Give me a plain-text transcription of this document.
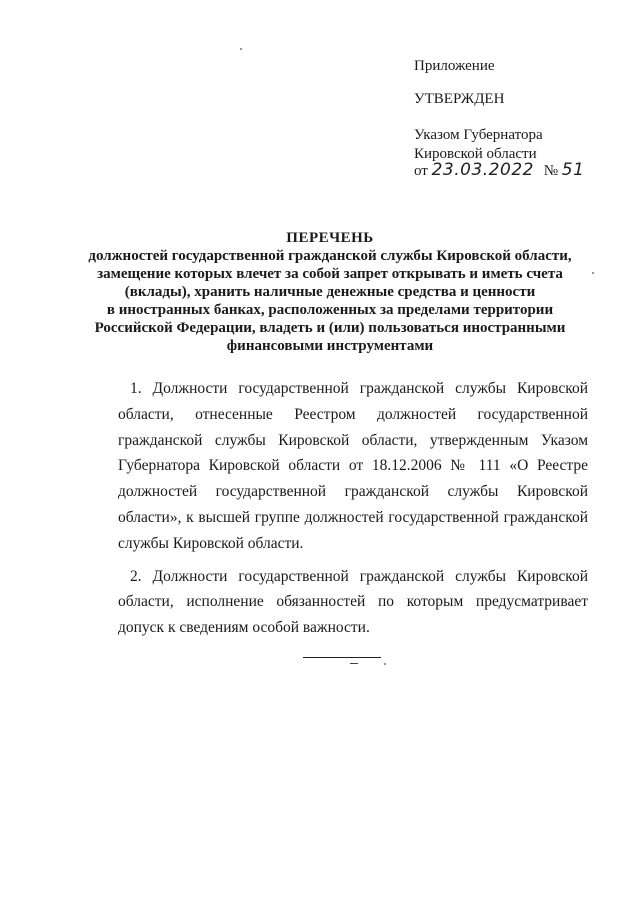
Приложение
УТВЕРЖДЕН
Указом Губернатора
Кировской области
от 23.03.2022 № 51
ПЕРЕЧЕНЬ
должностей государственной гражданской службы Кировской области,
замещение которых влечет за собой запрет открывать и иметь счета
(вклады), хранить наличные денежные средства и ценности
в иностранных банках, расположенных за пределами территории
Российской Федерации, владеть и (или) пользоваться иностранными
финансовыми инструментами

1. Должности государственной гражданской службы Кировской области, отнесенные Реестром должностей государственной гражданской службы Кировской области, утвержденным Указом Губернатора Кировской области от 18.12.2006 № 111 «О Реестре должностей государственной гражданской службы Кировской области», к высшей группе должностей государственной гражданской службы Кировской области.

2. Должности государственной гражданской службы Кировской области, исполнение обязанностей по которым предусматривает допуск к сведениям особой важности.
